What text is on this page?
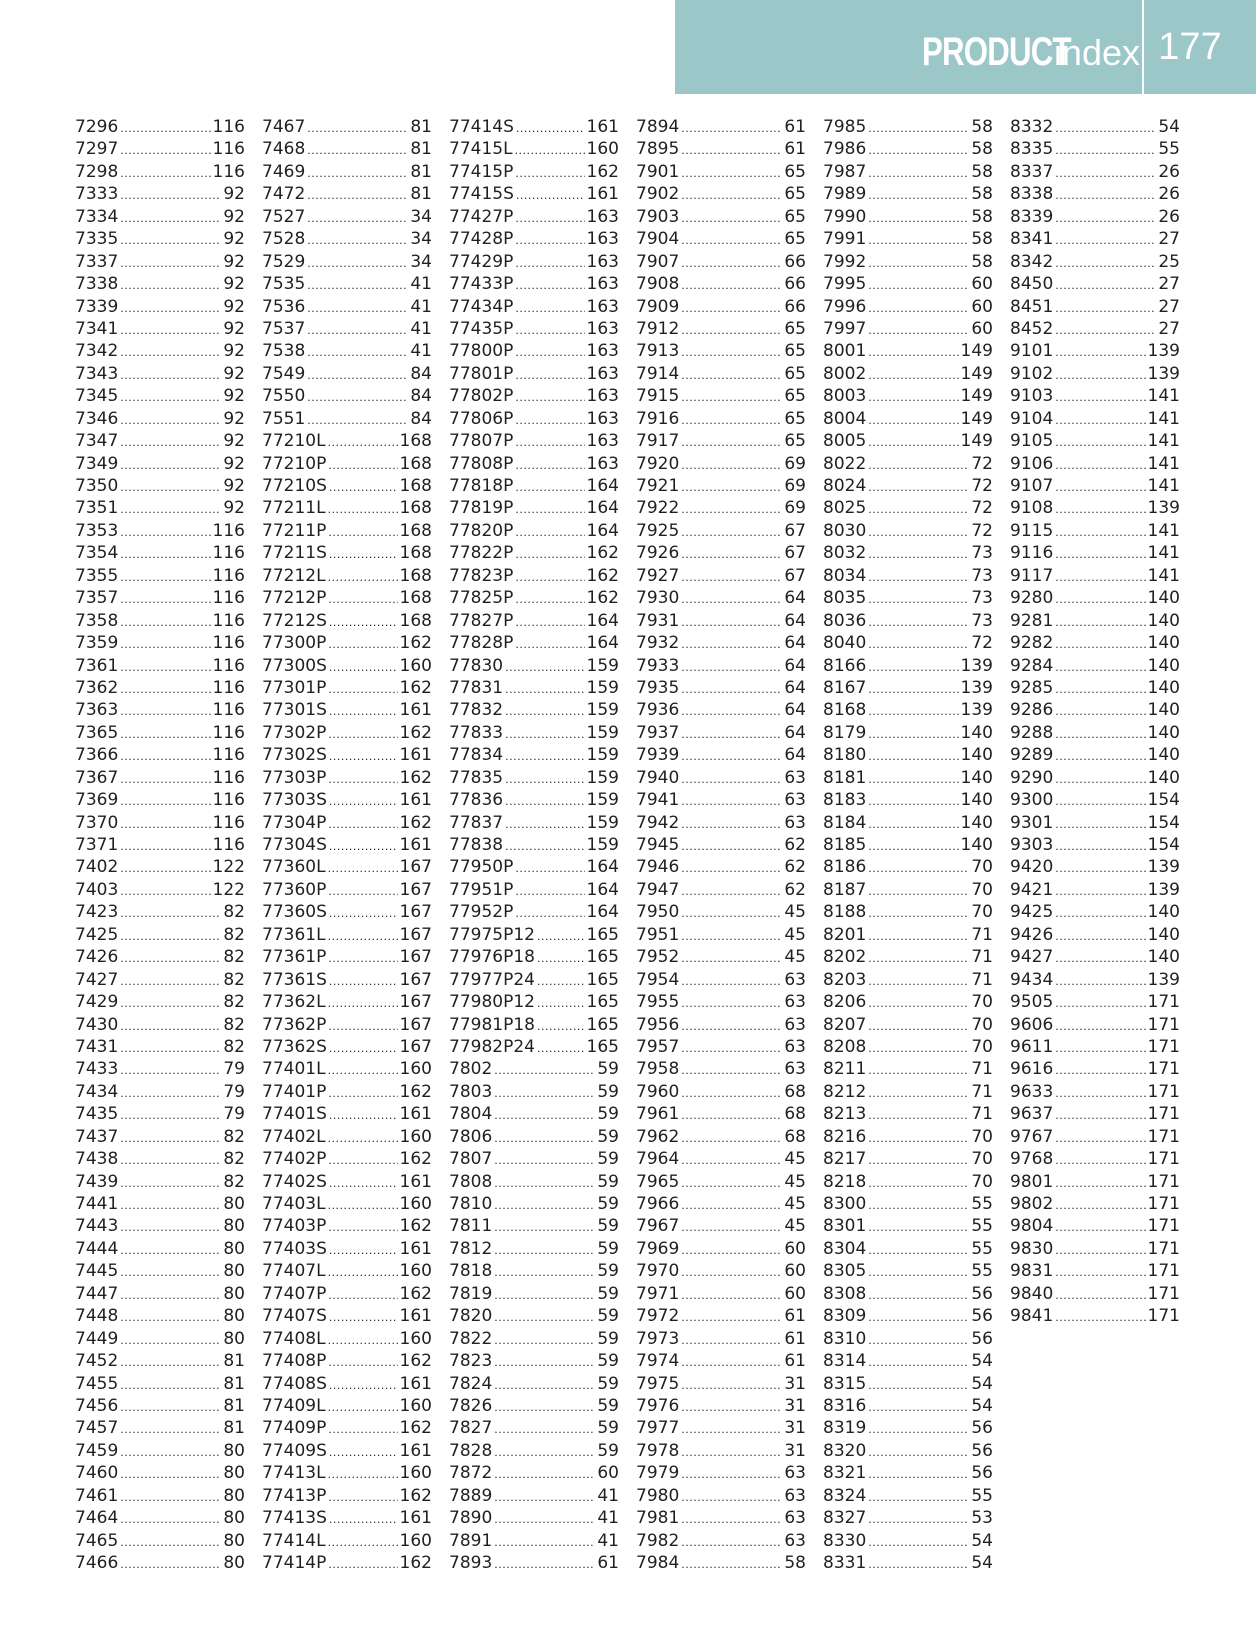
PRODUCT index 177
7296 .....	116
7297 .....	116
7298 .....	116
7333 .....	92
7334 .....	92
7335 .....	92
7337 .....	92
7338 .....	92
7339 .....	92
7341 .....	92
7342 .....	92
7343 .....	92
7345 .....	92
7346 .....	92
7347 .....	92
7349 .....	92
7350 .....	92
7351 .....	92
7353 .....	116
7354 .....	116
7355 .....	116
7357 .....	116
7358 .....	116
7359 .....	116
7361 .....	116
7362 .....	116
7363 .....	116
7365 .....	116
7366 .....	116
7367 .....	116
7369 .....	116
7370 .....	116
7371 .....	116
7402 .....	122
7403 .....	122
7423 .....	82
7425 .....	82
7426 .....	82
7427 .....	82
7429 .....	82
7430 .....	82
7431 .....	82
7433 .....	79
7434 .....	79
7435 .....	79
7437 .....	82
7438 .....	82
7439 .....	82
7441 .....	80
7443 .....	80
7444 .....	80
7445 .....	80
7447 .....	80
7448 .....	80
7449 .....	80
7452 .....	81
7455 .....	81
7456 .....	81
7457 .....	81
7459 .....	80
7460 .....	80
7461 .....	80
7464 .....	80
7465 .....	80
7466 .....	80
7467 .....	81
7468 .....	81
7469 .....	81
7472 .....	81
7527 .....	34
7528 .....	34
7529 .....	34
7535 .....	41
7536 .....	41
7537 .....	41
7538 .....	41
7549 .....	84
7550 .....	84
7551 .....	84
77210L .....	168
77210P .....	168
77210S .....	168
77211L .....	168
77211P .....	168
77211S .....	168
77212L .....	168
77212P .....	168
77212S .....	168
77300P .....	162
77300S .....	160
77301P .....	162
77301S .....	161
77302P .....	162
77302S .....	161
77303P .....	162
77303S .....	161
77304P .....	162
77304S .....	161
77360L .....	167
77360P .....	167
77360S .....	167
77361L .....	167
77361P .....	167
77361S .....	167
77362L .....	167
77362P .....	167
77362S .....	167
77401L .....	160
77401P .....	162
77401S .....	161
77402L .....	160
77402P .....	162
77402S .....	161
77403L .....	160
77403P .....	162
77403S .....	161
77407L .....	160
77407P .....	162
77407S .....	161
77408L .....	160
77408P .....	162
77408S .....	161
77409L .....	160
77409P .....	162
77409S .....	161
77413L .....	160
77413P .....	162
77413S .....	161
77414L .....	160
77414P .....	162
77414S .....	161
77415L .....	160
77415P .....	162
77415S .....	161
77427P .....	163
77428P .....	163
77429P .....	163
77433P .....	163
77434P .....	163
77435P .....	163
77800P .....	163
77801P .....	163
77802P .....	163
77806P .....	163
77807P .....	163
77808P .....	163
77818P .....	164
77819P .....	164
77820P .....	164
77822P .....	162
77823P .....	162
77825P .....	162
77827P .....	164
77828P .....	164
77830 .....	159
77831 .....	159
77832 .....	159
77833 .....	159
77834 .....	159
77835 .....	159
77836 .....	159
77837 .....	159
77838 .....	159
77950P .....	164
77951P .....	164
77952P .....	164
77975P12 .....	165
77976P18 .....	165
77977P24 .....	165
77980P12 .....	165
77981P18 .....	165
77982P24 .....	165
7802 .....	59
7803 .....	59
7804 .....	59
7806 .....	59
7807 .....	59
7808 .....	59
7810 .....	59
7811 .....	59
7812 .....	59
7818 .....	59
7819 .....	59
7820 .....	59
7822 .....	59
7823 .....	59
7824 .....	59
7826 .....	59
7827 .....	59
7828 .....	59
7872 .....	60
7889 .....	41
7890 .....	41
7891 .....	41
7893 .....	61
7894 .....	61
7895 .....	61
7901 .....	65
7902 .....	65
7903 .....	65
7904 .....	65
7907 .....	66
7908 .....	66
7909 .....	66
7912 .....	65
7913 .....	65
7914 .....	65
7915 .....	65
7916 .....	65
7917 .....	65
7920 .....	69
7921 .....	69
7922 .....	69
7925 .....	67
7926 .....	67
7927 .....	67
7930 .....	64
7931 .....	64
7932 .....	64
7933 .....	64
7935 .....	64
7936 .....	64
7937 .....	64
7939 .....	64
7940 .....	63
7941 .....	63
7942 .....	63
7945 .....	62
7946 .....	62
7947 .....	62
7950 .....	45
7951 .....	45
7952 .....	45
7954 .....	63
7955 .....	63
7956 .....	63
7957 .....	63
7958 .....	63
7960 .....	68
7961 .....	68
7962 .....	68
7964 .....	45
7965 .....	45
7966 .....	45
7967 .....	45
7969 .....	60
7970 .....	60
7971 .....	60
7972 .....	61
7973 .....	61
7974 .....	61
7975 .....	31
7976 .....	31
7977 .....	31
7978 .....	31
7979 .....	63
7980 .....	63
7981 .....	63
7982 .....	63
7984 .....	58
7985 .....	58
7986 .....	58
7987 .....	58
7989 .....	58
7990 .....	58
7991 .....	58
7992 .....	58
7995 .....	60
7996 .....	60
7997 .....	60
8001 .....	149
8002 .....	149
8003 .....	149
8004 .....	149
8005 .....	149
8022 .....	72
8024 .....	72
8025 .....	72
8030 .....	72
8032 .....	73
8034 .....	73
8035 .....	73
8036 .....	73
8040 .....	72
8166 .....	139
8167 .....	139
8168 .....	139
8179 .....	140
8180 .....	140
8181 .....	140
8183 .....	140
8184 .....	140
8185 .....	140
8186 .....	70
8187 .....	70
8188 .....	70
8201 .....	71
8202 .....	71
8203 .....	71
8206 .....	70
8207 .....	70
8208 .....	70
8211 .....	71
8212 .....	71
8213 .....	71
8216 .....	70
8217 .....	70
8218 .....	70
8300 .....	55
8301 .....	55
8304 .....	55
8305 .....	55
8308 .....	56
8309 .....	56
8310 .....	56
8314 .....	54
8315 .....	54
8316 .....	54
8319 .....	56
8320 .....	56
8321 .....	56
8324 .....	55
8327 .....	53
8330 .....	54
8331 .....	54
8332 .....	54
8335 .....	55
8337 .....	26
8338 .....	26
8339 .....	26
8341 .....	27
8342 .....	25
8450 .....	27
8451 .....	27
8452 .....	27
9101 .....	139
9102 .....	139
9103 .....	141
9104 .....	141
9105 .....	141
9106 .....	141
9107 .....	141
9108 .....	139
9115 .....	141
9116 .....	141
9117 .....	141
9280 .....	140
9281 .....	140
9282 .....	140
9284 .....	140
9285 .....	140
9286 .....	140
9288 .....	140
9289 .....	140
9290 .....	140
9300 .....	154
9301 .....	154
9303 .....	154
9420 .....	139
9421 .....	139
9425 .....	140
9426 .....	140
9427 .....	140
9434 .....	139
9505 .....	171
9606 .....	171
9611 .....	171
9616 .....	171
9633 .....	171
9637 .....	171
9767 .....	171
9768 .....	171
9801 .....	171
9802 .....	171
9804 .....	171
9830 .....	171
9831 .....	171
9840 .....	171
9841 .....	171
